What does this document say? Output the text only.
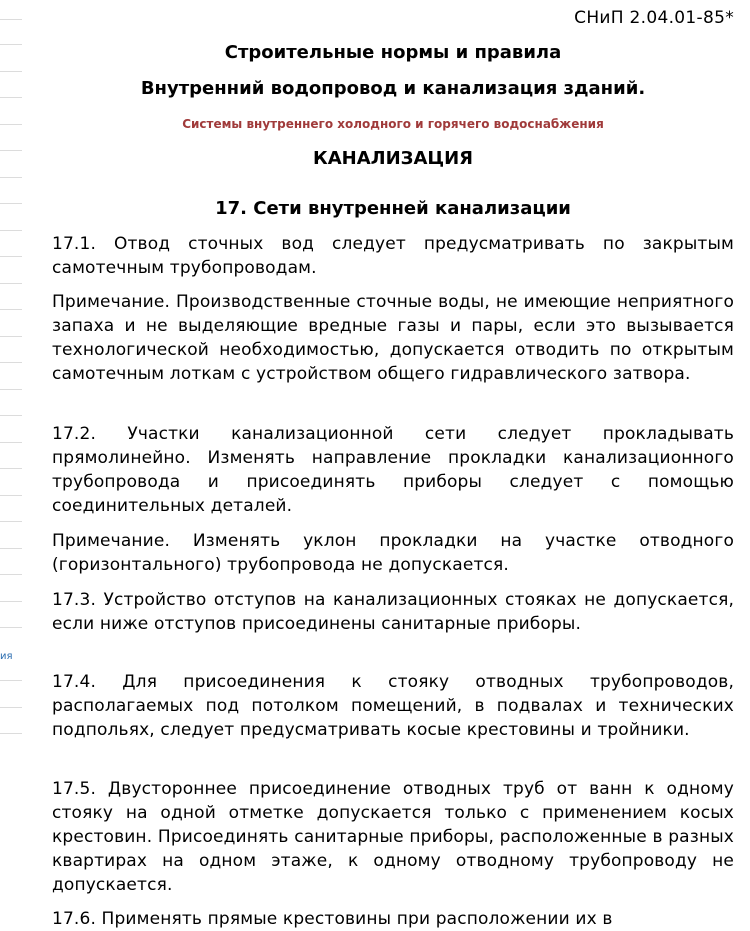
ия
СНиП 2.04.01-85*
Строительные нормы и правила
Внутренний водопровод и канализация зданий.
Системы внутреннего холодного и горячего водоснабжения
КАНАЛИЗАЦИЯ
17. Сети внутренней канализации

17.1. Отвод сточных вод следует предусматривать по закрытым самотечным трубопроводам.

Примечание. Производственные сточные воды, не имеющие неприятного запаха и не выделяющие вредные газы и пары, если это вызывается технологической необходимостью, допускается отводить по открытым самотечным лоткам с устройством общего гидравлического затвора.

17.2. Участки канализационной сети следует прокладывать прямолинейно. Изменять направление прокладки канализационного трубопровода и присоединять приборы следует с помощью соединительных деталей.

Примечание. Изменять уклон прокладки на участке отводного (горизонтального) трубопровода не допускается.

17.3. Устройство отступов на канализационных стояках не допускается, если ниже отступов присоединены санитарные приборы.

17.4. Для присоединения к стояку отводных трубопроводов, располагаемых под потолком помещений, в подвалах и технических подпольях, следует предусматривать косые крестовины и тройники.

17.5. Двустороннее присоединение отводных труб от ванн к одному стояку на одной отметке допускается только с применением косых крестовин. Присоединять санитарные приборы, расположенные в разных квартирах на одном этаже, к одному отводному трубопроводу не допускается.

17.6. Применять прямые крестовины при расположении их в
